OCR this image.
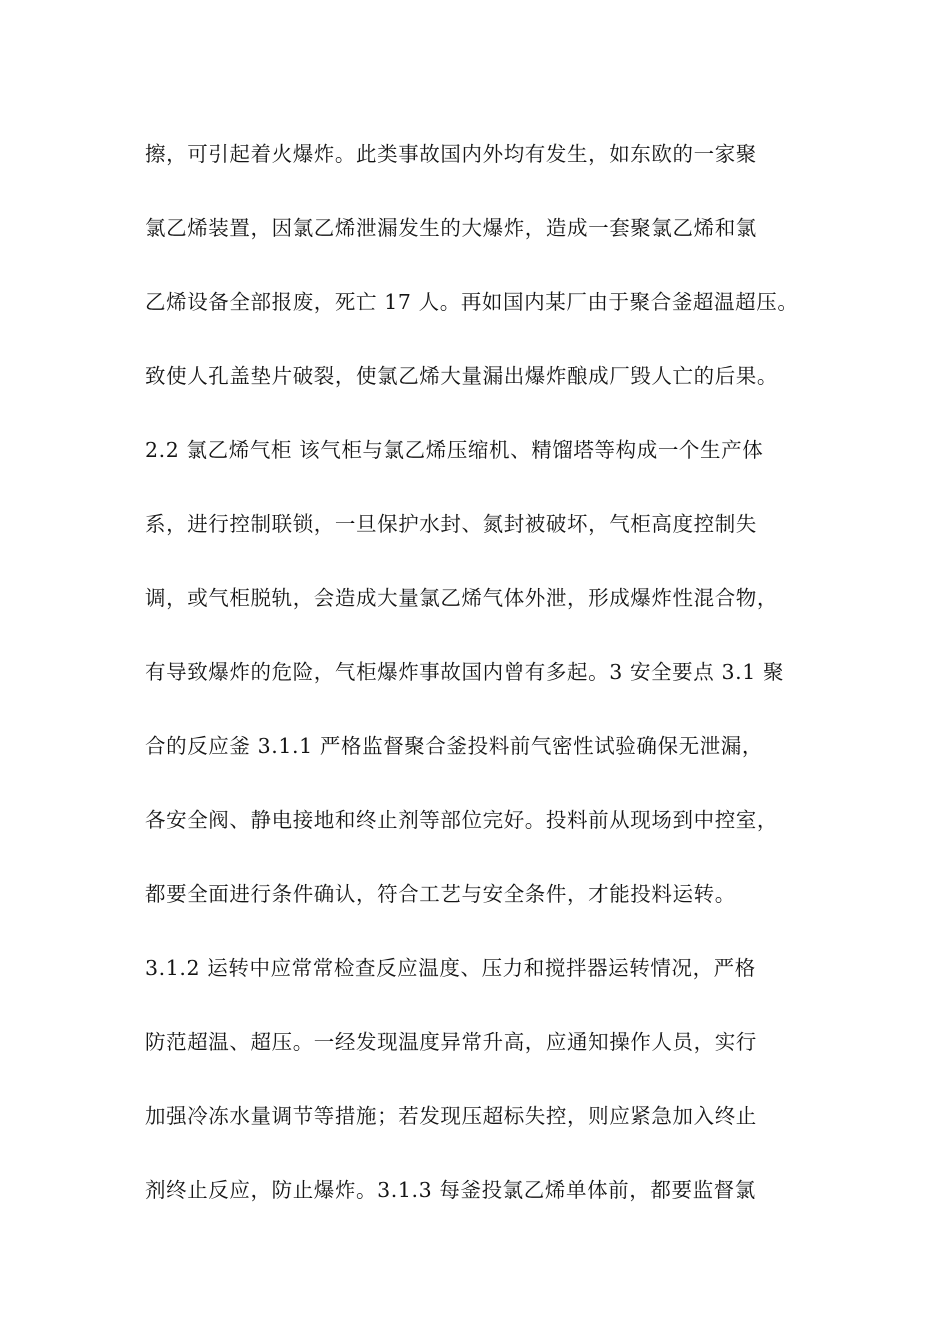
擦，可引起着火爆炸。此类事故国内外均有发生，如东欧的一家聚
氯乙烯装置，因氯乙烯泄漏发生的大爆炸，造成一套聚氯乙烯和氯
乙烯设备全部报废，死亡 17 人。再如国内某厂由于聚合釜超温超压。
致使人孔盖垫片破裂，使氯乙烯大量漏出爆炸酿成厂毁人亡的后果。
2.2 氯乙烯气柜 该气柜与氯乙烯压缩机、精馏塔等构成一个生产体
系，进行控制联锁，一旦保护水封、氮封被破坏，气柜高度控制失
调，或气柜脱轨，会造成大量氯乙烯气体外泄，形成爆炸性混合物，
有导致爆炸的危险，气柜爆炸事故国内曾有多起。3 安全要点 3.1 聚
合的反应釜 3.1.1 严格监督聚合釜投料前气密性试验确保无泄漏，
各安全阀、静电接地和终止剂等部位完好。投料前从现场到中控室，
都要全面进行条件确认，符合工艺与安全条件，才能投料运转。
3.1.2 运转中应常常检查反应温度、压力和搅拌器运转情况，严格
防范超温、超压。一经发现温度异常升高，应通知操作人员，实行
加强冷冻水量调节等措施；若发现压超标失控，则应紧急加入终止
剂终止反应，防止爆炸。3.1.3 每釜投氯乙烯单体前，都要监督氯
